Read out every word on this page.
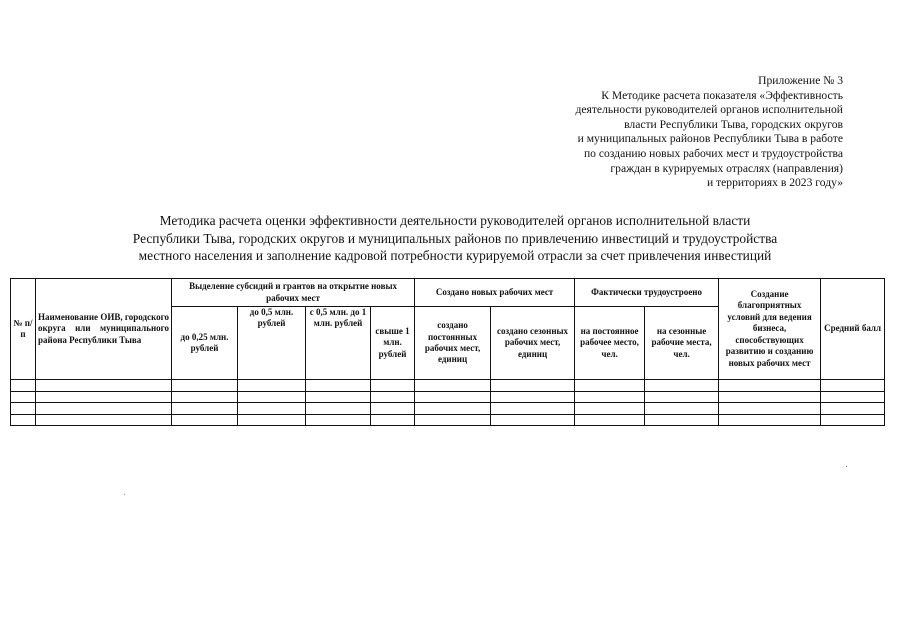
Приложение № 3
К Методике расчета показателя «Эффективность
деятельности руководителей органов исполнительной
власти Республики Тыва, городских округов
и муниципальных районов Республики Тыва в работе
по созданию новых рабочих мест и трудоустройства
граждан в курируемых отраслях (направления)
и территориях в 2023 году»
Методика расчета оценки эффективности деятельности руководителей органов исполнительной власти
Республики Тыва, городских округов и муниципальных районов по привлечению инвестиций и трудоустройства
местного населения и заполнение кадровой потребности курируемой отрасли за счет привлечения инвестиций
№ п/п	Наименование ОИВ, городского округа или муниципального района Республики Тыва	Выделение субсидий и грантов на открытие новых рабочих мест				Создано новых рабочих мест		Фактически трудоустроено		Создание благоприятных условий для ведения бизнеса, способствующих развитию и созданию новых рабочих мест	Средний балл
		до 0,25 млн. рублей	до 0,5 млн. рублей	с 0,5 млн. до 1 млн. рублей	свыше 1 млн. рублей	создано постоянных рабочих мест, единиц	создано сезонных рабочих мест, единиц	на постоянное рабочее место, чел.	на сезонные рабочие места, чел.		
